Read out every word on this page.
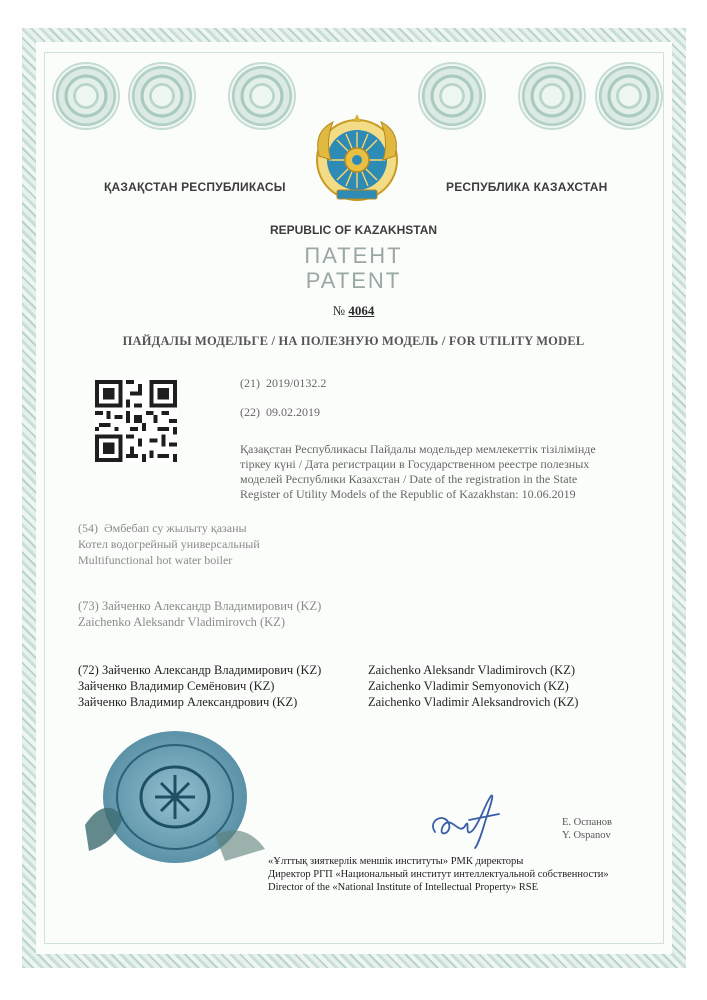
ҚАЗАҚСТАН РЕСПУБЛИКАСЫ	РЕСПУБЛИКА КАЗАХСТАН
REPUBLIC OF KAZAKHSTAN
ПАТЕНТ
PATENT
№ 4064
ПАЙДАЛЫ МОДЕЛЬГЕ / НА ПОЛЕЗНУЮ МОДЕЛЬ / FOR UTILITY MODEL
(21) 2019/0132.2
(22) 09.02.2019
Қазақстан Республикасы Пайдалы модельдер мемлекеттік тізілімінде
тіркеу күні / Дата регистрации в Государственном реестре полезных
моделей Республики Казахстан / Date of the registration in the State
Register of Utility Models of the Republic of Kazakhstan: 10.06.2019
(54) Әмбебап су жылыту қазаны
Котел водогрейный универсальный
Multifunctional hot water boiler
(73) Зайченко Александр Владимирович (KZ)
Zaichenko Aleksandr Vladimirovch (KZ)
(72) Зайченко Александр Владимирович (KZ)
Зайченко Владимир Семёнович (KZ)
Зайченко Владимир Александрович (KZ)
Zaichenko Aleksandr Vladimirovch (KZ)
Zaichenko Vladimir Semyonovich (KZ)
Zaichenko Vladimir Aleksandrovich (KZ)
Е. Оспанов
Y. Ospanov
«Ұлттық зияткерлік меншік институты» РМК директоры
Директор РГП «Национальный институт интеллектуальной собственности»
Director of the «National Institute of Intellectual Property» RSE
